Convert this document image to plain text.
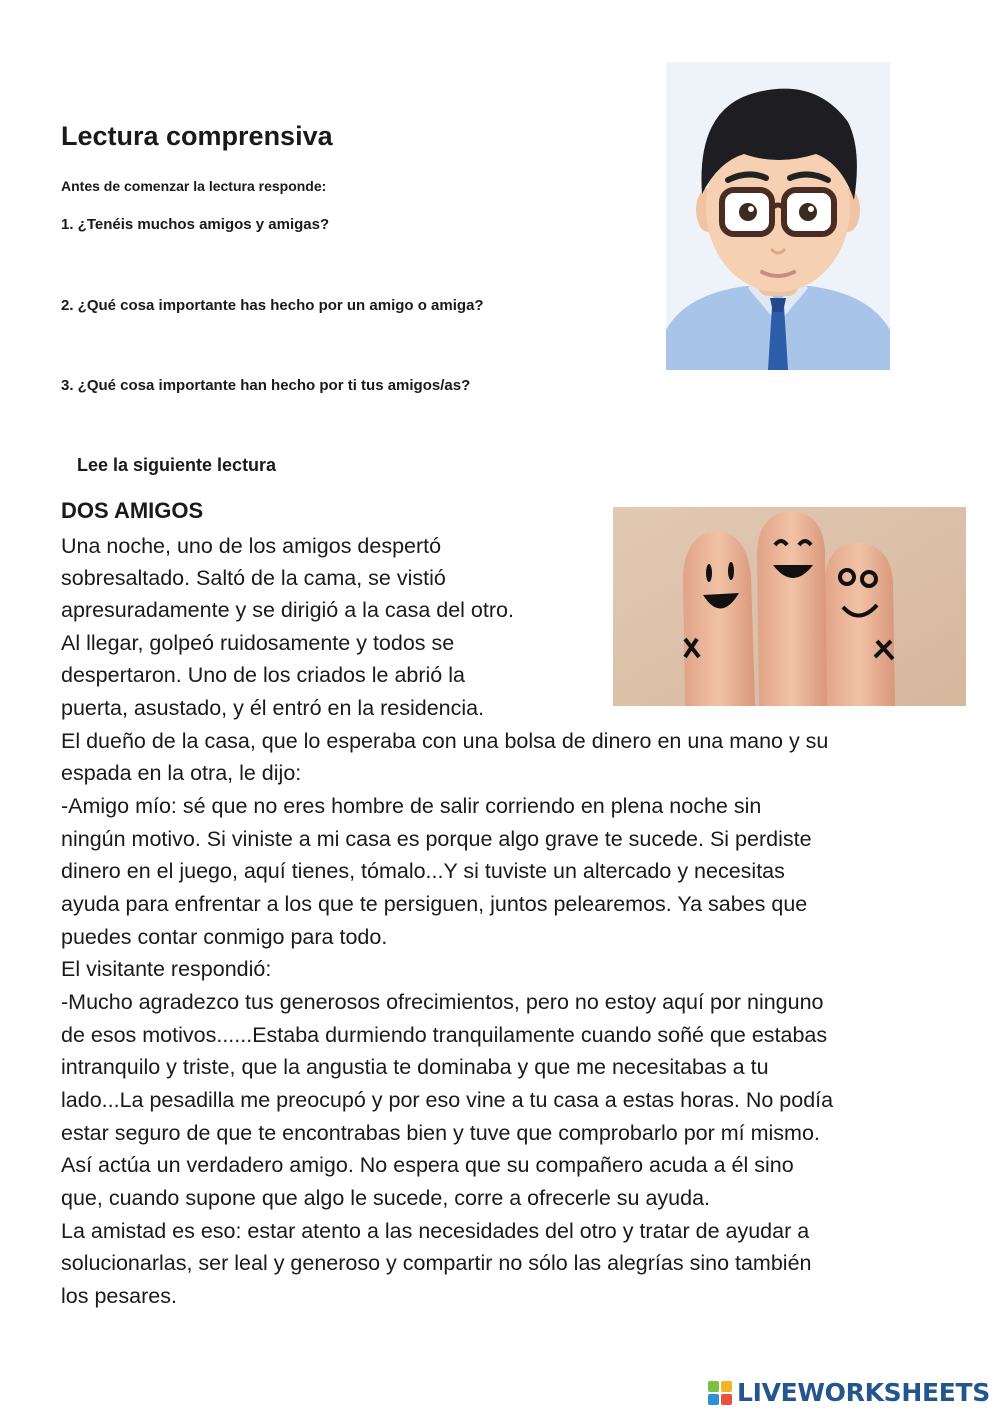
Lectura comprensiva
Antes de comenzar la lectura responde:
1. ¿Tenéis muchos amigos y amigas?
2. ¿Qué cosa importante has hecho por un amigo o amiga?
3. ¿Qué cosa importante han hecho por ti tus amigos/as?
Lee la siguiente lectura
DOS AMIGOS
Una noche, uno de los amigos despertó
sobresaltado. Saltó de la cama, se vistió
apresuradamente y se dirigió a la casa del otro.
Al llegar, golpeó ruidosamente y todos se
despertaron. Uno de los criados le abrió la
puerta, asustado, y él entró en la residencia.
El dueño de la casa, que lo esperaba con una bolsa de dinero en una mano y su
espada en la otra, le dijo:
-Amigo mío: sé que no eres hombre de salir corriendo en plena noche sin
ningún motivo. Si viniste a mi casa es porque algo grave te sucede. Si perdiste
dinero en el juego, aquí tienes, tómalo...Y si tuviste un altercado y necesitas
ayuda para enfrentar a los que te persiguen, juntos pelearemos. Ya sabes que
puedes contar conmigo para todo.
El visitante respondió:
-Mucho agradezco tus generosos ofrecimientos, pero no estoy aquí por ninguno
de esos motivos......Estaba durmiendo tranquilamente cuando soñé que estabas
intranquilo y triste, que la angustia te dominaba y que me necesitabas a tu
lado...La pesadilla me preocupó y por eso vine a tu casa a estas horas. No podía
estar seguro de que te encontrabas bien y tuve que comprobarlo por mí mismo.
Así actúa un verdadero amigo. No espera que su compañero acuda a él sino
que, cuando supone que algo le sucede, corre a ofrecerle su ayuda.
La amistad es eso: estar atento a las necesidades del otro y tratar de ayudar a
solucionarlas, ser leal y generoso y compartir no sólo las alegrías sino también
los pesares.
LIVEWORKSHEETS
